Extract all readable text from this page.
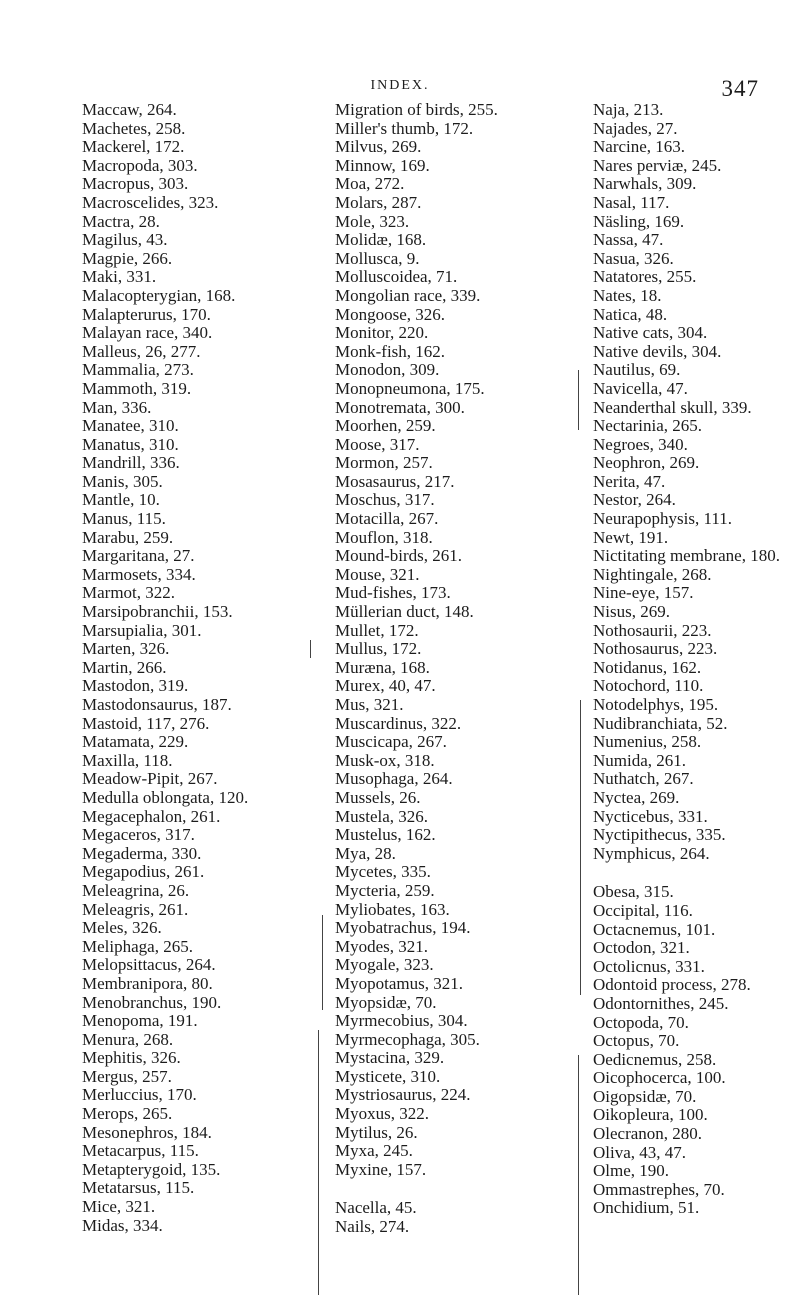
INDEX.	347
Maccaw, 264.
Machetes, 258.
Mackerel, 172.
Macropoda, 303.
Macropus, 303.
Macroscelides, 323.
Mactra, 28.
Magilus, 43.
Magpie, 266.
Maki, 331.
Malacopterygian, 168.
Malapterurus, 170.
Malayan race, 340.
Malleus, 26, 277.
Mammalia, 273.
Mammoth, 319.
Man, 336.
Manatee, 310.
Manatus, 310.
Mandrill, 336.
Manis, 305.
Mantle, 10.
Manus, 115.
Marabu, 259.
Margaritana, 27.
Marmosets, 334.
Marmot, 322.
Marsipobranchii, 153.
Marsupialia, 301.
Marten, 326.
Martin, 266.
Mastodon, 319.
Mastodonsaurus, 187.
Mastoid, 117, 276.
Matamata, 229.
Maxilla, 118.
Meadow-Pipit, 267.
Medulla oblongata, 120.
Megacephalon, 261.
Megaceros, 317.
Megaderma, 330.
Megapodius, 261.
Meleagrina, 26.
Meleagris, 261.
Meles, 326.
Meliphaga, 265.
Melopsittacus, 264.
Membranipora, 80.
Menobranchus, 190.
Menopoma, 191.
Menura, 268.
Mephitis, 326.
Mergus, 257.
Merluccius, 170.
Merops, 265.
Mesonephros, 184.
Metacarpus, 115.
Metapterygoid, 135.
Metatarsus, 115.
Mice, 321.
Midas, 334.
Migration of birds, 255.
Miller's thumb, 172.
Milvus, 269.
Minnow, 169.
Moa, 272.
Molars, 287.
Mole, 323.
Molidæ, 168.
Mollusca, 9.
Molluscoidea, 71.
Mongolian race, 339.
Mongoose, 326.
Monitor, 220.
Monk-fish, 162.
Monodon, 309.
Monopneumona, 175.
Monotremata, 300.
Moorhen, 259.
Moose, 317.
Mormon, 257.
Mosasaurus, 217.
Moschus, 317.
Motacilla, 267.
Mouflon, 318.
Mound-birds, 261.
Mouse, 321.
Mud-fishes, 173.
Müllerian duct, 148.
Mullet, 172.
Mullus, 172.
Muræna, 168.
Murex, 40, 47.
Mus, 321.
Muscardinus, 322.
Muscicapa, 267.
Musk-ox, 318.
Musophaga, 264.
Mussels, 26.
Mustela, 326.
Mustelus, 162.
Mya, 28.
Mycetes, 335.
Mycteria, 259.
Myliobates, 163.
Myobatrachus, 194.
Myodes, 321.
Myogale, 323.
Myopotamus, 321.
Myopsidæ, 70.
Myrmecobius, 304.
Myrmecophaga, 305.
Mystacina, 329.
Mysticete, 310.
Mystriosaurus, 224.
Myoxus, 322.
Mytilus, 26.
Myxa, 245.
Myxine, 157.
Nacella, 45.
Nails, 274.
Naja, 213.
Najades, 27.
Narcine, 163.
Nares perviæ, 245.
Narwhals, 309.
Nasal, 117.
Näsling, 169.
Nassa, 47.
Nasua, 326.
Natatores, 255.
Nates, 18.
Natica, 48.
Native cats, 304.
Native devils, 304.
Nautilus, 69.
Navicella, 47.
Neanderthal skull, 339.
Nectarinia, 265.
Negroes, 340.
Neophron, 269.
Nerita, 47.
Nestor, 264.
Neurapophysis, 111.
Newt, 191.
Nictitating membrane, 180.
Nightingale, 268.
Nine-eye, 157.
Nisus, 269.
Nothosaurii, 223.
Nothosaurus, 223.
Notidanus, 162.
Notochord, 110.
Notodelphys, 195.
Nudibranchiata, 52.
Numenius, 258.
Numida, 261.
Nuthatch, 267.
Nyctea, 269.
Nycticebus, 331.
Nyctipithecus, 335.
Nymphicus, 264.
Obesa, 315.
Occipital, 116.
Octacnemus, 101.
Octodon, 321.
Octolicnus, 331.
Odontoid process, 278.
Odontornithes, 245.
Octopoda, 70.
Octopus, 70.
Oedicnemus, 258.
Oicophocerca, 100.
Oigopsidæ, 70.
Oikopleura, 100.
Olecranon, 280.
Oliva, 43, 47.
Olme, 190.
Ommastrephes, 70.
Onchidium, 51.
